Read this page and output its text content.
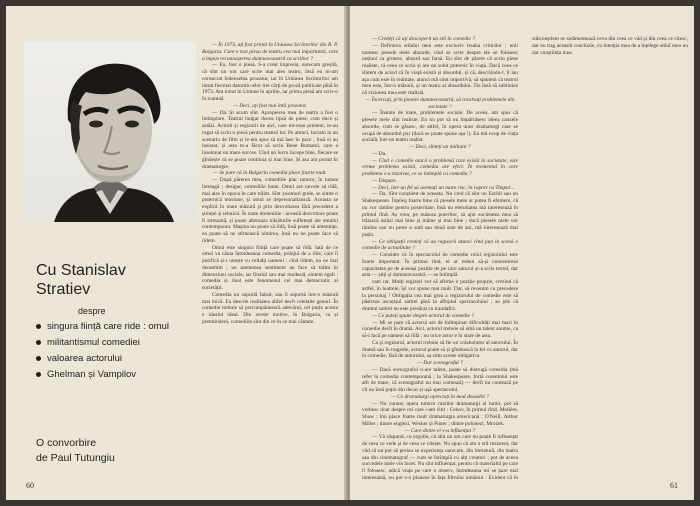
— În 1973, ați fost primit în Uniunea Scriitorilor din R. P. Bulgaria. Care e tost piesa de teatru cea mai importantă, care a impus recunoașterea dumneavoastră ca scriitor ?

— Eu, fost o piesă. S-a creat impresia, oarecum greșită, că sînt un om care scrie mai ales teatru, însă eu m-am consacrat îndeosebia prozatur, iar în Uniunea Scriitorilor am intrat fiecmai datorită celor trei cărți de proză publicate pînă în 1973. Am intrat în Uniune în aprilie, iar prima piesă am scris-o în toamnă.

— Deci, ați fost mai întîi prozator.

— Da. Și acum sînt. Apropierea mea de teatru a fost o întîmplare. Teatrul bulgar ducea lipsă de piese, cum duce și astăzi. Actorii și regizorii de aici, care mi-erau prieteni, m-au rugat să scriu o piesă pentru teatrul lor. Pe atunci, lucram la un scenariu de film și le-am spus să mă lase în pace ; însă ei au insistat, și asta m-a făcut să scriu Bene Romanii, care a însemnat un mare succes. Cînd un lucru începe bine, fiecare se gîndește că se poate continua și mai bine. Și asa am pornit în dramaturgie.

— Se pare că în Bulgaria comedia place foarte mult.

— După părerea mea, comediile plac tuturor, în lumea întreagă ; desigur, comediile bune. Omul are nevoie să rîdă, mai ales în epoca în care trăim. Sînt șwemuri grele, se simte o puternică tensiune, și omul se depersonalizează. Aceasta se explică în mare măsură și prin dezvoltarea fără precedent a științei și tehnicii. În toate domeniile : această dezvoltare poate fi stresantă, și poate altereaza trăsăturile sufletești ale omului contemporan. Mașina nu poate să rîdă, însă poate să amenințe, ea poate să ne stîrnească uimirea, însă nu ne poate face să rîdem.

Omul este singura ființă care poate să rîdă. Iată de ce omul va căuta întotdeauna comedia, prilejul de a rîde, care îi purifică și-i unește cu ceilalți oameni : cînd rîdem, nu ne mai deosebim ; un asemenea sentiment ne face să trăim în dimensiuni sociale, iar finalul sau mai modestă, sintem egali : comedia și rîsul este fenomenul cel mai democratic al societății.

Comedia nu suportă falsul, sau îl suportă intr-o măsură mai mică. Ea descrie realitatea altfel decît celelalte genuri. În comedie trebuie să precumpănească adevărul, cel puțin acesta e idealul ideal. Din aceste motive, în Bulgaria, ca și pretutindeni, comediile sînt din ce în ce mai căutate.

Cu Stanislav
Stratiev
despre
singura ființă care ride : omul
militantismul comediei
valoarea actorului
Ghelman și Vampilov
O convorbire
de Paul Tutungiu
60

— Credeți că ați descoperit un stil în comedie ?

— Definirea stilului meu este exclusiv treaba criticilor ; unii numesc piesele mele absurde, cînd se scrie despre ele se folosesc noțiuni ca grotesc, absurd sau farsă. Eu sînt de părere că scriu piese realiste, că ceea ce scriu și are un sobit puternic în viață. Dacă ceea ce sîntem de acord că în viață există și absurdul, și că, descriindu-l, îl iau așa cum este în realitate, atunci mă simt importivă, să spunem că teatrul meu este, într-o măsură, și un teatru al absurdului. Tin însă să subliniez că viziunea mea este realistă.

— Încercați, prin piesele dumneavoastră, să rezolvați problemele din societate ?

— Înainte de toate, problemele sociale. De aceea, am spus că piesele mele sînt realiste. Eu nu pot să nu împărtășesc ideea cauzele absurde, cum se găsesc, de altfel, în opera unor dramaturgi care se ocupă de absurdul pur (dacă se poate spune așa !). Eu mă ocup de viața socială, într-un teatru realist.

— Deci, sînteți un militant ?

— Da.

— Cînd o comedie atacă o problemă care există în societate, este vreme problema există, comedia are efect. În momentul în care problema s-a rezolvat, ce se întîmplă cu comedia ?

— Dispare.

— Deci, intr-un fel să avemați un mare risc, în raport cu Timpul...

— Da. Sînt conștient de aceasta. Nu cred că sînt un Eschil sau un Shakespeare. Înțeleg foarte bine că piesele mele ar putea fi efemere, că nu vor rămîne pentru posteritate, însă nu eternitatea mă interesează în primul rînd. Aș vrea, pe măsura puterilor, să ajut societatea mea să trăiască astăzi mai bine și măine și mai bine ; dacă piesele mele vor rămîne sau nu peste o sută sau două sute de ani, mă interesează mai puțin.

— Ce obligații credeți că au regizorii atunci cînd pun în scenă o comedie de actualitate ?

— Consider că în spectacolul de comedie rolul regizorului este foarte important. În primul rînd, el ar trebui să-și concentreze capacitatea pe de aceeași poziție de pe care autorul și-a scris textul, dar asta — știți și dumneavoastră — se întîmplă

cam rar. Mulți regizori vor să afirme o poziție proprie, crezînd că astfel, în teatrele, își vor spune mai mult. Dar, să revenim cu precedere la personaj ! Obligația cea mai grea a regizorului de comedie este să păstreze ascuțișul satirei pînă la afîrșitul spectacolului ; se știe că drumul satirei nu este presărat cu trandafiri.

— Ce puteți spune despre actorul de comedie ?

— Mi se pare că actorul are de întîmpinat dificultăți mai mari în comedie decît în dramă. Aici, actorul trebuie să aibă un talent anume, ca să-i facă pe oameni să rîdă ; nu orice actor e în stare de asta.

Ca și regizorul, actorul trebuie să fie un colaborator al autorului. În dramă sau în tragedie, actorul poate să și gîndească la fel cu autorul, dar în comedie, fără de autorului, sa simt aceste obligativa.

— Dar scenograful ?

— Dacă scenograful n-are talent, poate să distrugă comedia (mă refer la comedia contemporană ; la Shakespeare, fortă curentului este atît de mare, că scenograful nu mai contează) — decît nu contează pe cît nu însă puțin din decor și ușă spectacolul.

— Ce dramaturgi apreciați în mod deosebit ?

— Nu cunosc opera tuturor marilor dramaturgi ai lumii, pot să vorbesc doar despre cei care i-am citit : Cehov, în primul rînd, Molière, Shaw ; îmi place foarte mult dramaturgia americană : O'Neill, Arthur Miller ; dintre englezi, Wesker și Pinter ; dintre polonezi, Mrożek.

— Care dintre ei v-a influențat ?

— Vă răspund, cu orgoliu, că sînt un om care nu poate fi influențat de ceea ce vede și de ceea ce citește. Nu spun că am o stil rezistent, dar văd că nu pot să preiau se experiența oarecare, din literatură, din teatru sau din cinematograf — cum se întîmplă cu alți creatori ; pot de aceea succedele mele vin încet. Nu sînt influențat, pentru că materialul pe care îl folosesc, adică viața pe care o observ, întotdeauna mi se pare mai interesantă, nu pot s-o planeze în fața filtrului nimănui : Evident că în subconștient se sedimentează ceva din ceea ce văd și din ceea ce citesc, dar nu trag această concluzie, cu intenția mea de a înțelege stilul meu nu dar conștiința mea.

61
